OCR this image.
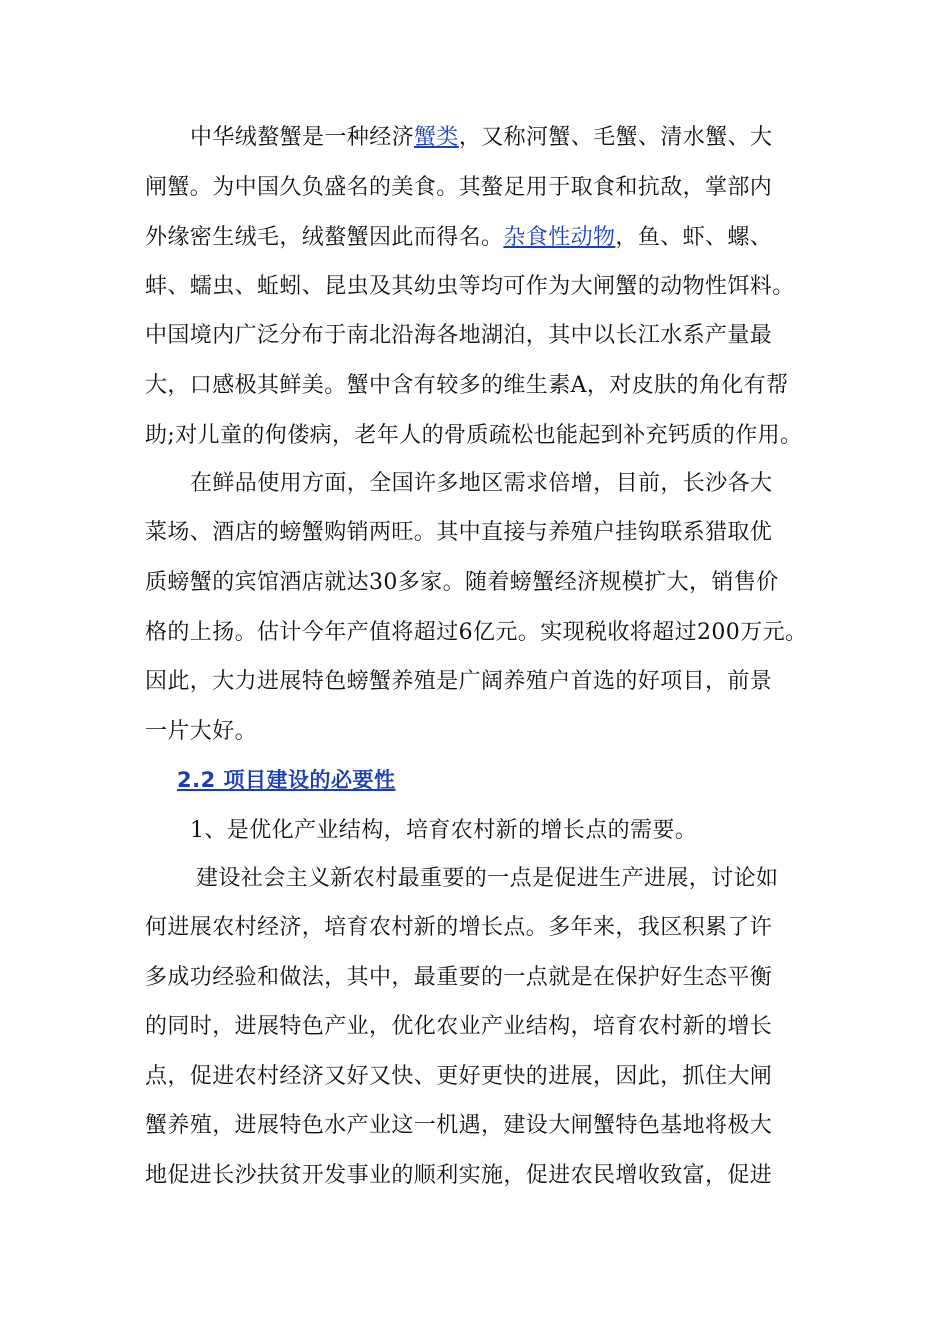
中华绒螯蟹是一种经济蟹类，又称河蟹、毛蟹、清水蟹、大
闸蟹。为中国久负盛名的美食。其螯足用于取食和抗敌，掌部内
外缘密生绒毛，绒螯蟹因此而得名。杂食性动物，鱼、虾、螺、
蚌、蠕虫、蚯蚓、昆虫及其幼虫等均可作为大闸蟹的动物性饵料。
中国境内广泛分布于南北沿海各地湖泊，其中以长江水系产量最
大，口感极其鲜美。蟹中含有较多的维生素A，对皮肤的角化有帮
助;对儿童的佝偻病，老年人的骨质疏松也能起到补充钙质的作用。
在鲜品使用方面，全国许多地区需求倍增，目前，长沙各大
菜场、酒店的螃蟹购销两旺。其中直接与养殖户挂钩联系猎取优
质螃蟹的宾馆酒店就达30多家。随着螃蟹经济规模扩大，销售价
格的上扬。估计今年产值将超过6亿元。实现税收将超过200万元。
因此，大力进展特色螃蟹养殖是广阔养殖户首选的好项目，前景
一片大好。
2.2 项目建设的必要性
1、是优化产业结构，培育农村新的增长点的需要。
建设社会主义新农村最重要的一点是促进生产进展，讨论如
何进展农村经济，培育农村新的增长点。多年来，我区积累了许
多成功经验和做法，其中，最重要的一点就是在保护好生态平衡
的同时，进展特色产业，优化农业产业结构，培育农村新的增长
点，促进农村经济又好又快、更好更快的进展，因此，抓住大闸
蟹养殖，进展特色水产业这一机遇，建设大闸蟹特色基地将极大
地促进长沙扶贫开发事业的顺利实施，促进农民增收致富，促进
